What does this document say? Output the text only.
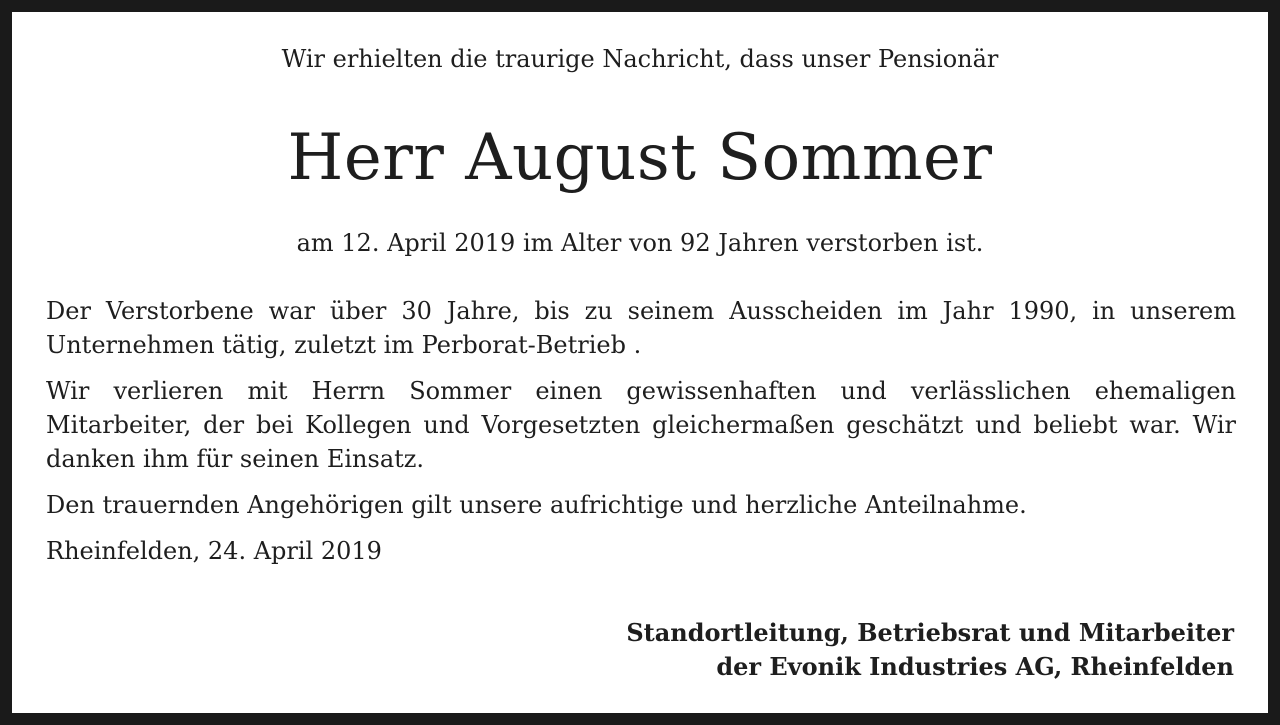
Wir erhielten die traurige Nachricht, dass unser Pensionär
Herr August Sommer
am 12. April 2019 im Alter von 92 Jahren verstorben ist.

Der Verstorbene war über 30 Jahre, bis zu seinem Ausscheiden im Jahr 1990, in unserem Unternehmen tätig, zuletzt im Perborat-Betrieb .

Wir verlieren mit Herrn Sommer einen gewissenhaften und verlässlichen ehemaligen Mitarbeiter, der bei Kollegen und Vorgesetzten gleichermaßen geschätzt und beliebt war. Wir danken ihm für seinen Einsatz.

Den trauernden Angehörigen gilt unsere aufrichtige und herzliche Anteilnahme.

Rheinfelden, 24. April 2019

Standortleitung, Betriebsrat und Mitarbeiter
der Evonik Industries AG, Rheinfelden
